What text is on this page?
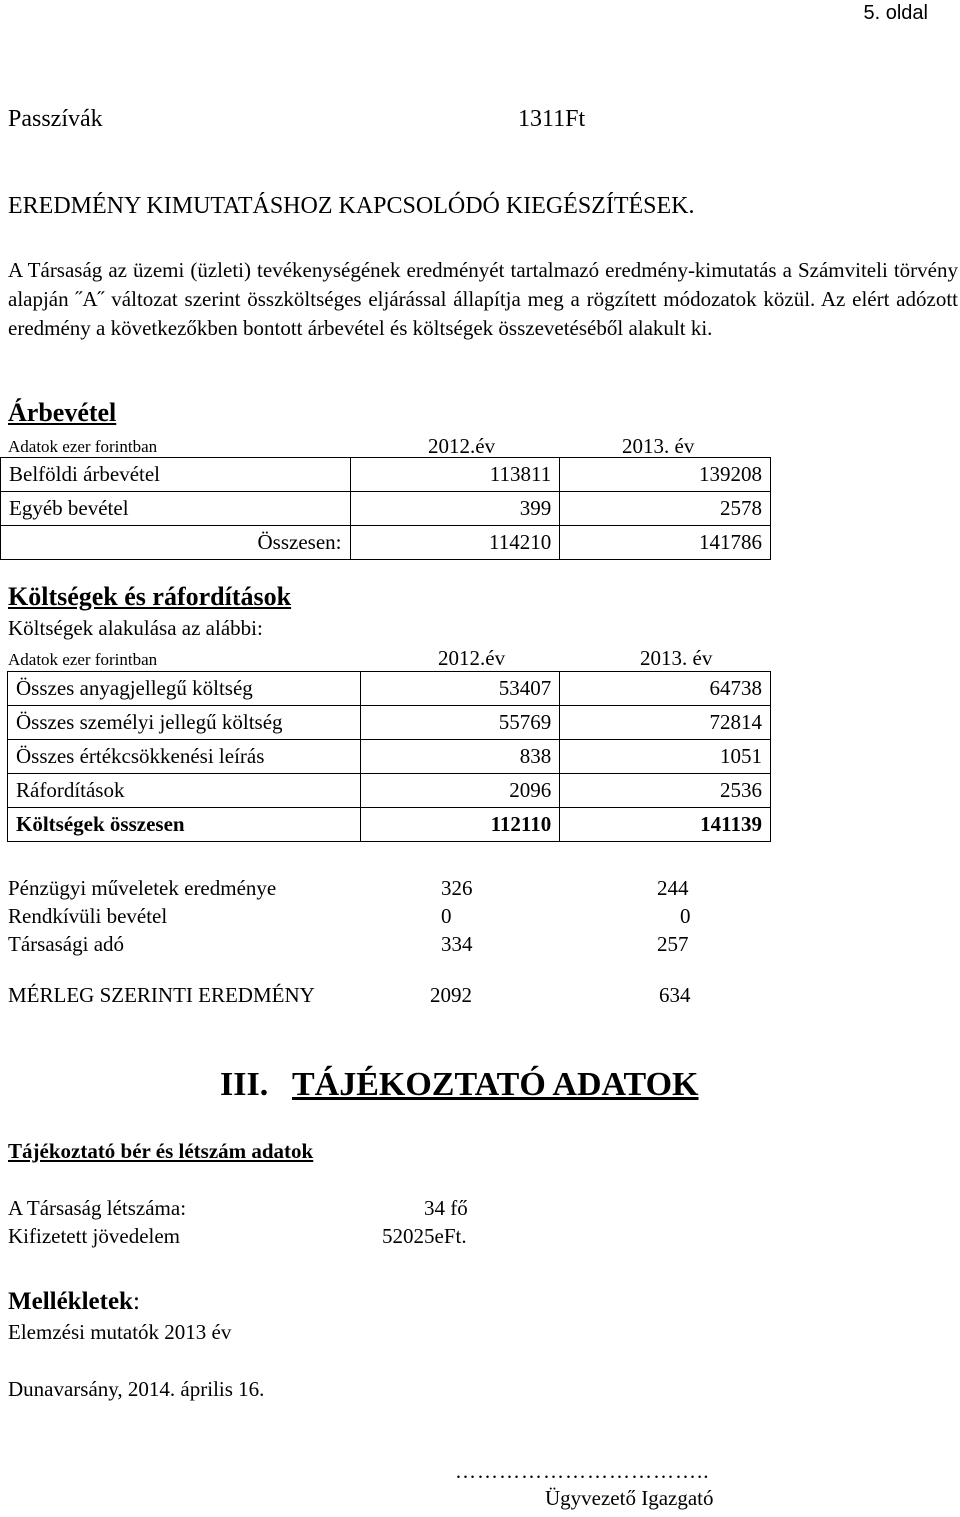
5. oldal
Passzívák	1311Ft
EREDMÉNY KIMUTATÁSHOZ KAPCSOLÓDÓ KIEGÉSZÍTÉSEK.
A Társaság az üzemi (üzleti) tevékenységének eredményét tartalmazó eredmény-kimutatás a Számviteli törvény alapján ˝A˝ változat szerint összköltséges eljárással állapítja meg a rögzített módozatok közül. Az elért adózott eredmény a következőkben bontott árbevétel és költségek összevetéséből alakult ki.
Árbevétel
Adatok ezer forintban	2012.év	2013. év
Belföldi árbevétel	113811	139208
Egyéb bevétel	399	2578
Összesen:	114210	141786
Költségek és ráfordítások
Költségek alakulása az alábbi:
Adatok ezer forintban	2012.év	2013. év
Összes anyagjellegű költség	53407	64738
Összes személyi jellegű költség	55769	72814
Összes értékcsökkenési leírás	838	1051
Ráfordítások	2096	2536
Költségek összesen	112110	141139
Pénzügyi műveletek eredménye	326	244
Rendkívüli bevétel	0	0
Társasági adó	334	257
MÉRLEG SZERINTI EREDMÉNY	2092	634
III. TÁJÉKOZTATÓ ADATOK
Tájékoztató bér és létszám adatok
A Társaság létszáma:	34 fő
Kifizetett jövedelem	52025eFt.
Mellékletek:
Elemzési mutatók 2013 év
Dunavarsány, 2014. április 16.
……………………………..
Ügyvezető Igazgató
